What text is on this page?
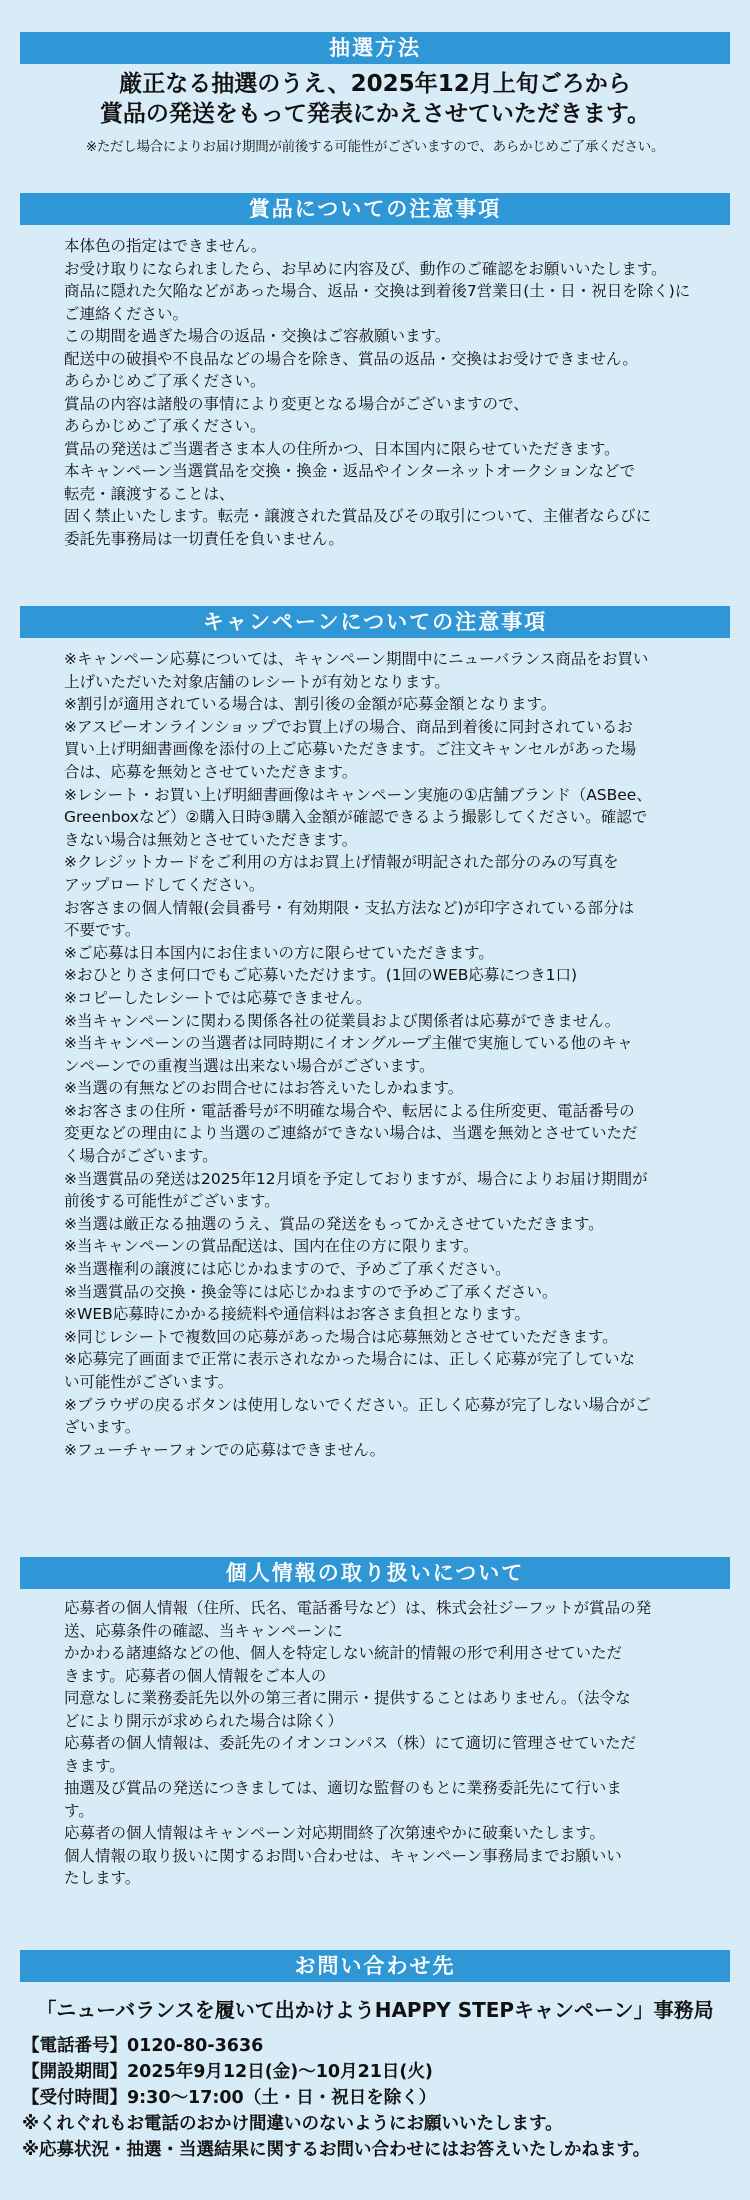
抽選方法
厳正なる抽選のうえ、2025年12月上旬ごろから
賞品の発送をもって発表にかえさせていただきます。
※ただし場合によりお届け期間が前後する可能性がございますので、あらかじめご了承ください。
賞品についての注意事項
本体色の指定はできません。
お受け取りになられましたら、お早めに内容及び、動作のご確認をお願いいたします。
商品に隠れた欠陥などがあった場合、返品・交換は到着後7営業日(土・日・祝日を除く)に
ご連絡ください。
この期間を過ぎた場合の返品・交換はご容赦願います。
配送中の破損や不良品などの場合を除き、賞品の返品・交換はお受けできません。
あらかじめご了承ください。
賞品の内容は諸般の事情により変更となる場合がございますので、
あらかじめご了承ください。
賞品の発送はご当選者さま本人の住所かつ、日本国内に限らせていただきます。
本キャンペーン当選賞品を交換・換金・返品やインターネットオークションなどで
転売・譲渡することは、
固く禁止いたします。転売・譲渡された賞品及びその取引について、主催者ならびに
委託先事務局は一切責任を負いません。
キャンペーンについての注意事項
※キャンペーン応募については、キャンペーン期間中にニューバランス商品をお買い
上げいただいた対象店舗のレシートが有効となります。
※割引が適用されている場合は、割引後の金額が応募金額となります。
※アスビーオンラインショップでお買上げの場合、商品到着後に同封されているお
買い上げ明細書画像を添付の上ご応募いただきます。ご注文キャンセルがあった場
合は、応募を無効とさせていただきます。
※レシート・お買い上げ明細書画像はキャンペーン実施の①店舗ブランド（ASBee、
Greenboxなど）②購入日時③購入金額が確認できるよう撮影してください。確認で
きない場合は無効とさせていただきます。
※クレジットカードをご利用の方はお買上げ情報が明記された部分のみの写真を
アップロードしてください。
お客さまの個人情報(会員番号・有効期限・支払方法など)が印字されている部分は
不要です。
※ご応募は日本国内にお住まいの方に限らせていただきます。
※おひとりさま何口でもご応募いただけます。(1回のWEB応募につき1口)
※コピーしたレシートでは応募できません。
※当キャンペーンに関わる関係各社の従業員および関係者は応募ができません。
※当キャンペーンの当選者は同時期にイオングループ主催で実施している他のキャ
ンペーンでの重複当選は出来ない場合がございます。
※当選の有無などのお問合せにはお答えいたしかねます。
※お客さまの住所・電話番号が不明確な場合や、転居による住所変更、電話番号の
変更などの理由により当選のご連絡ができない場合は、当選を無効とさせていただ
く場合がございます。
※当選賞品の発送は2025年12月頃を予定しておりますが、場合によりお届け期間が
前後する可能性がございます。
※当選は厳正なる抽選のうえ、賞品の発送をもってかえさせていただきます。
※当キャンペーンの賞品配送は、国内在住の方に限ります。
※当選権利の譲渡には応じかねますので、予めご了承ください。
※当選賞品の交換・換金等には応じかねますので予めご了承ください。
※WEB応募時にかかる接続料や通信料はお客さま負担となります。
※同じレシートで複数回の応募があった場合は応募無効とさせていただきます。
※応募完了画面まで正常に表示されなかった場合には、正しく応募が完了していな
い可能性がございます。
※ブラウザの戻るボタンは使用しないでください。正しく応募が完了しない場合がご
ざいます。
※フューチャーフォンでの応募はできません。
個人情報の取り扱いについて
応募者の個人情報（住所、氏名、電話番号など）は、株式会社ジーフットが賞品の発
送、応募条件の確認、当キャンペーンに
かかわる諸連絡などの他、個人を特定しない統計的情報の形で利用させていただ
きます。応募者の個人情報をご本人の
同意なしに業務委託先以外の第三者に開示・提供することはありません。（法令な
どにより開示が求められた場合は除く）
応募者の個人情報は、委託先のイオンコンパス（株）にて適切に管理させていただ
きます。
抽選及び賞品の発送につきましては、適切な監督のもとに業務委託先にて行いま
す。
応募者の個人情報はキャンペーン対応期間終了次第速やかに破棄いたします。
個人情報の取り扱いに関するお問い合わせは、キャンペーン事務局までお願いい
たします。
お問い合わせ先
「ニューバランスを履いて出かけようHAPPY STEPキャンペーン」事務局
【電話番号】0120-80-3636
【開設期間】2025年9月12日(金)～10月21日(火)
【受付時間】9:30～17:00（土・日・祝日を除く）
※くれぐれもお電話のおかけ間違いのないようにお願いいたします。
※応募状況・抽選・当選結果に関するお問い合わせにはお答えいたしかねます。
